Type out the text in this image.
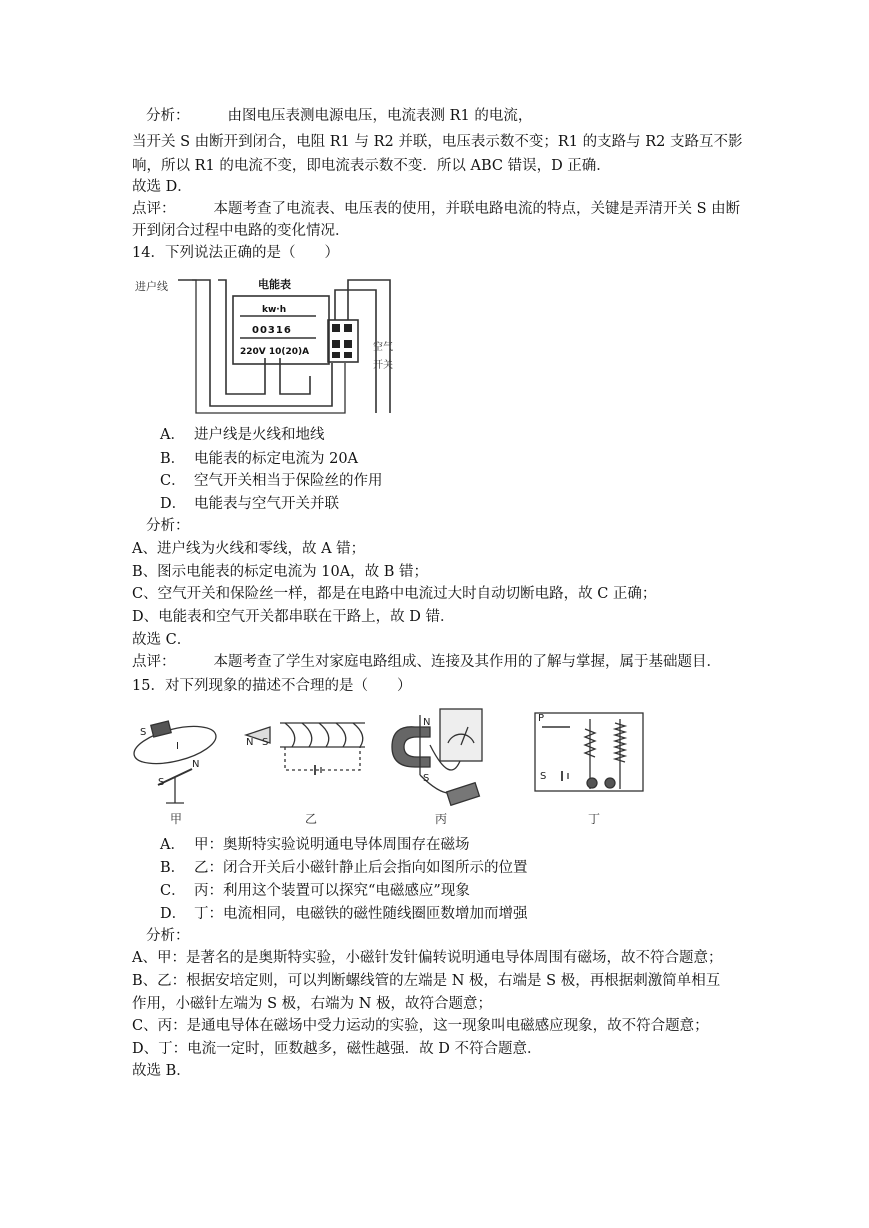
分析：	由图电压表测电源电压，电流表测 R1 的电流，
当开关 S 由断开到闭合，电阻 R1 与 R2 并联，电压表示数不变；R1 的支路与 R2 支路互不影
响，所以 R1 的电流不变，即电流表示数不变．所以 ABC 错误，D 正确．
故选 D．
点评：	本题考查了电流表、电压表的使用，并联电路电流的特点，关键是弄清开关 S 由断
开到闭合过程中电路的变化情况．
14．下列说法正确的是（　　）
进户线	电能表
kw·h
00316
220V 10(20)A	空气
开关
A． 进户线是火线和地线
B． 电能表的标定电流为 20A
C． 空气开关相当于保险丝的作用
D． 电能表与空气开关并联
分析：
A、进户线为火线和零线，故 A 错；
B、图示电能表的标定电流为 10A，故 B 错；
C、空气开关和保险丝一样，都是在电路中电流过大时自动切断电路，故 C 正确；
D、电能表和空气开关都串联在干路上，故 D 错．
故选 C．
点评：	本题考查了学生对家庭电路组成、连接及其作用的了解与掌握，属于基础题目．
15．对下列现象的描述不合理的是（　　）
S
I
N
S
N S
N
S
P
S
甲	乙	丙	丁
A． 甲：奥斯特实验说明通电导体周围存在磁场
B． 乙：闭合开关后小磁针静止后会指向如图所示的位置
C． 丙：利用这个装置可以探究“电磁感应”现象
D． 丁：电流相同，电磁铁的磁性随线圈匝数增加而增强
分析：
A、甲：是著名的是奥斯特实验，小磁针发针偏转说明通电导体周围有磁场，故不符合题意；
B、乙：根据安培定则，可以判断螺线管的左端是 N 极，右端是 S 极，再根据刺激简单相互
作用，小磁针左端为 S 极，右端为 N 极，故符合题意；
C、丙：是通电导体在磁场中受力运动的实验，这一现象叫电磁感应现象，故不符合题意；
D、丁：电流一定时，匝数越多，磁性越强．故 D 不符合题意．
故选 B．
